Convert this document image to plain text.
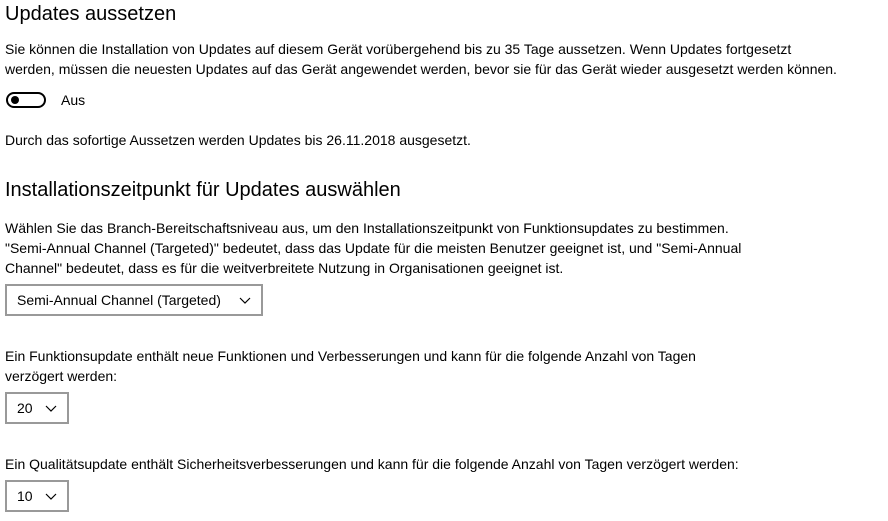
Updates aussetzen

Sie können die Installation von Updates auf diesem Gerät vorübergehend bis zu 35 Tage aussetzen. Wenn Updates fortgesetzt
werden, müssen die neuesten Updates auf das Gerät angewendet werden, bevor sie für das Gerät wieder ausgesetzt werden können.

Aus

Durch das sofortige Aussetzen werden Updates bis 26.11.2018 ausgesetzt.

Installationszeitpunkt für Updates auswählen

Wählen Sie das Branch-Bereitschaftsniveau aus, um den Installationszeitpunkt von Funktionsupdates zu bestimmen.
"Semi-Annual Channel (Targeted)" bedeutet, dass das Update für die meisten Benutzer geeignet ist, und "Semi-Annual
Channel" bedeutet, dass es für die weitverbreitete Nutzung in Organisationen geeignet ist.

Semi-Annual Channel (Targeted)

Ein Funktionsupdate enthält neue Funktionen und Verbesserungen und kann für die folgende Anzahl von Tagen
verzögert werden:

20

Ein Qualitätsupdate enthält Sicherheitsverbesserungen und kann für die folgende Anzahl von Tagen verzögert werden:

10
